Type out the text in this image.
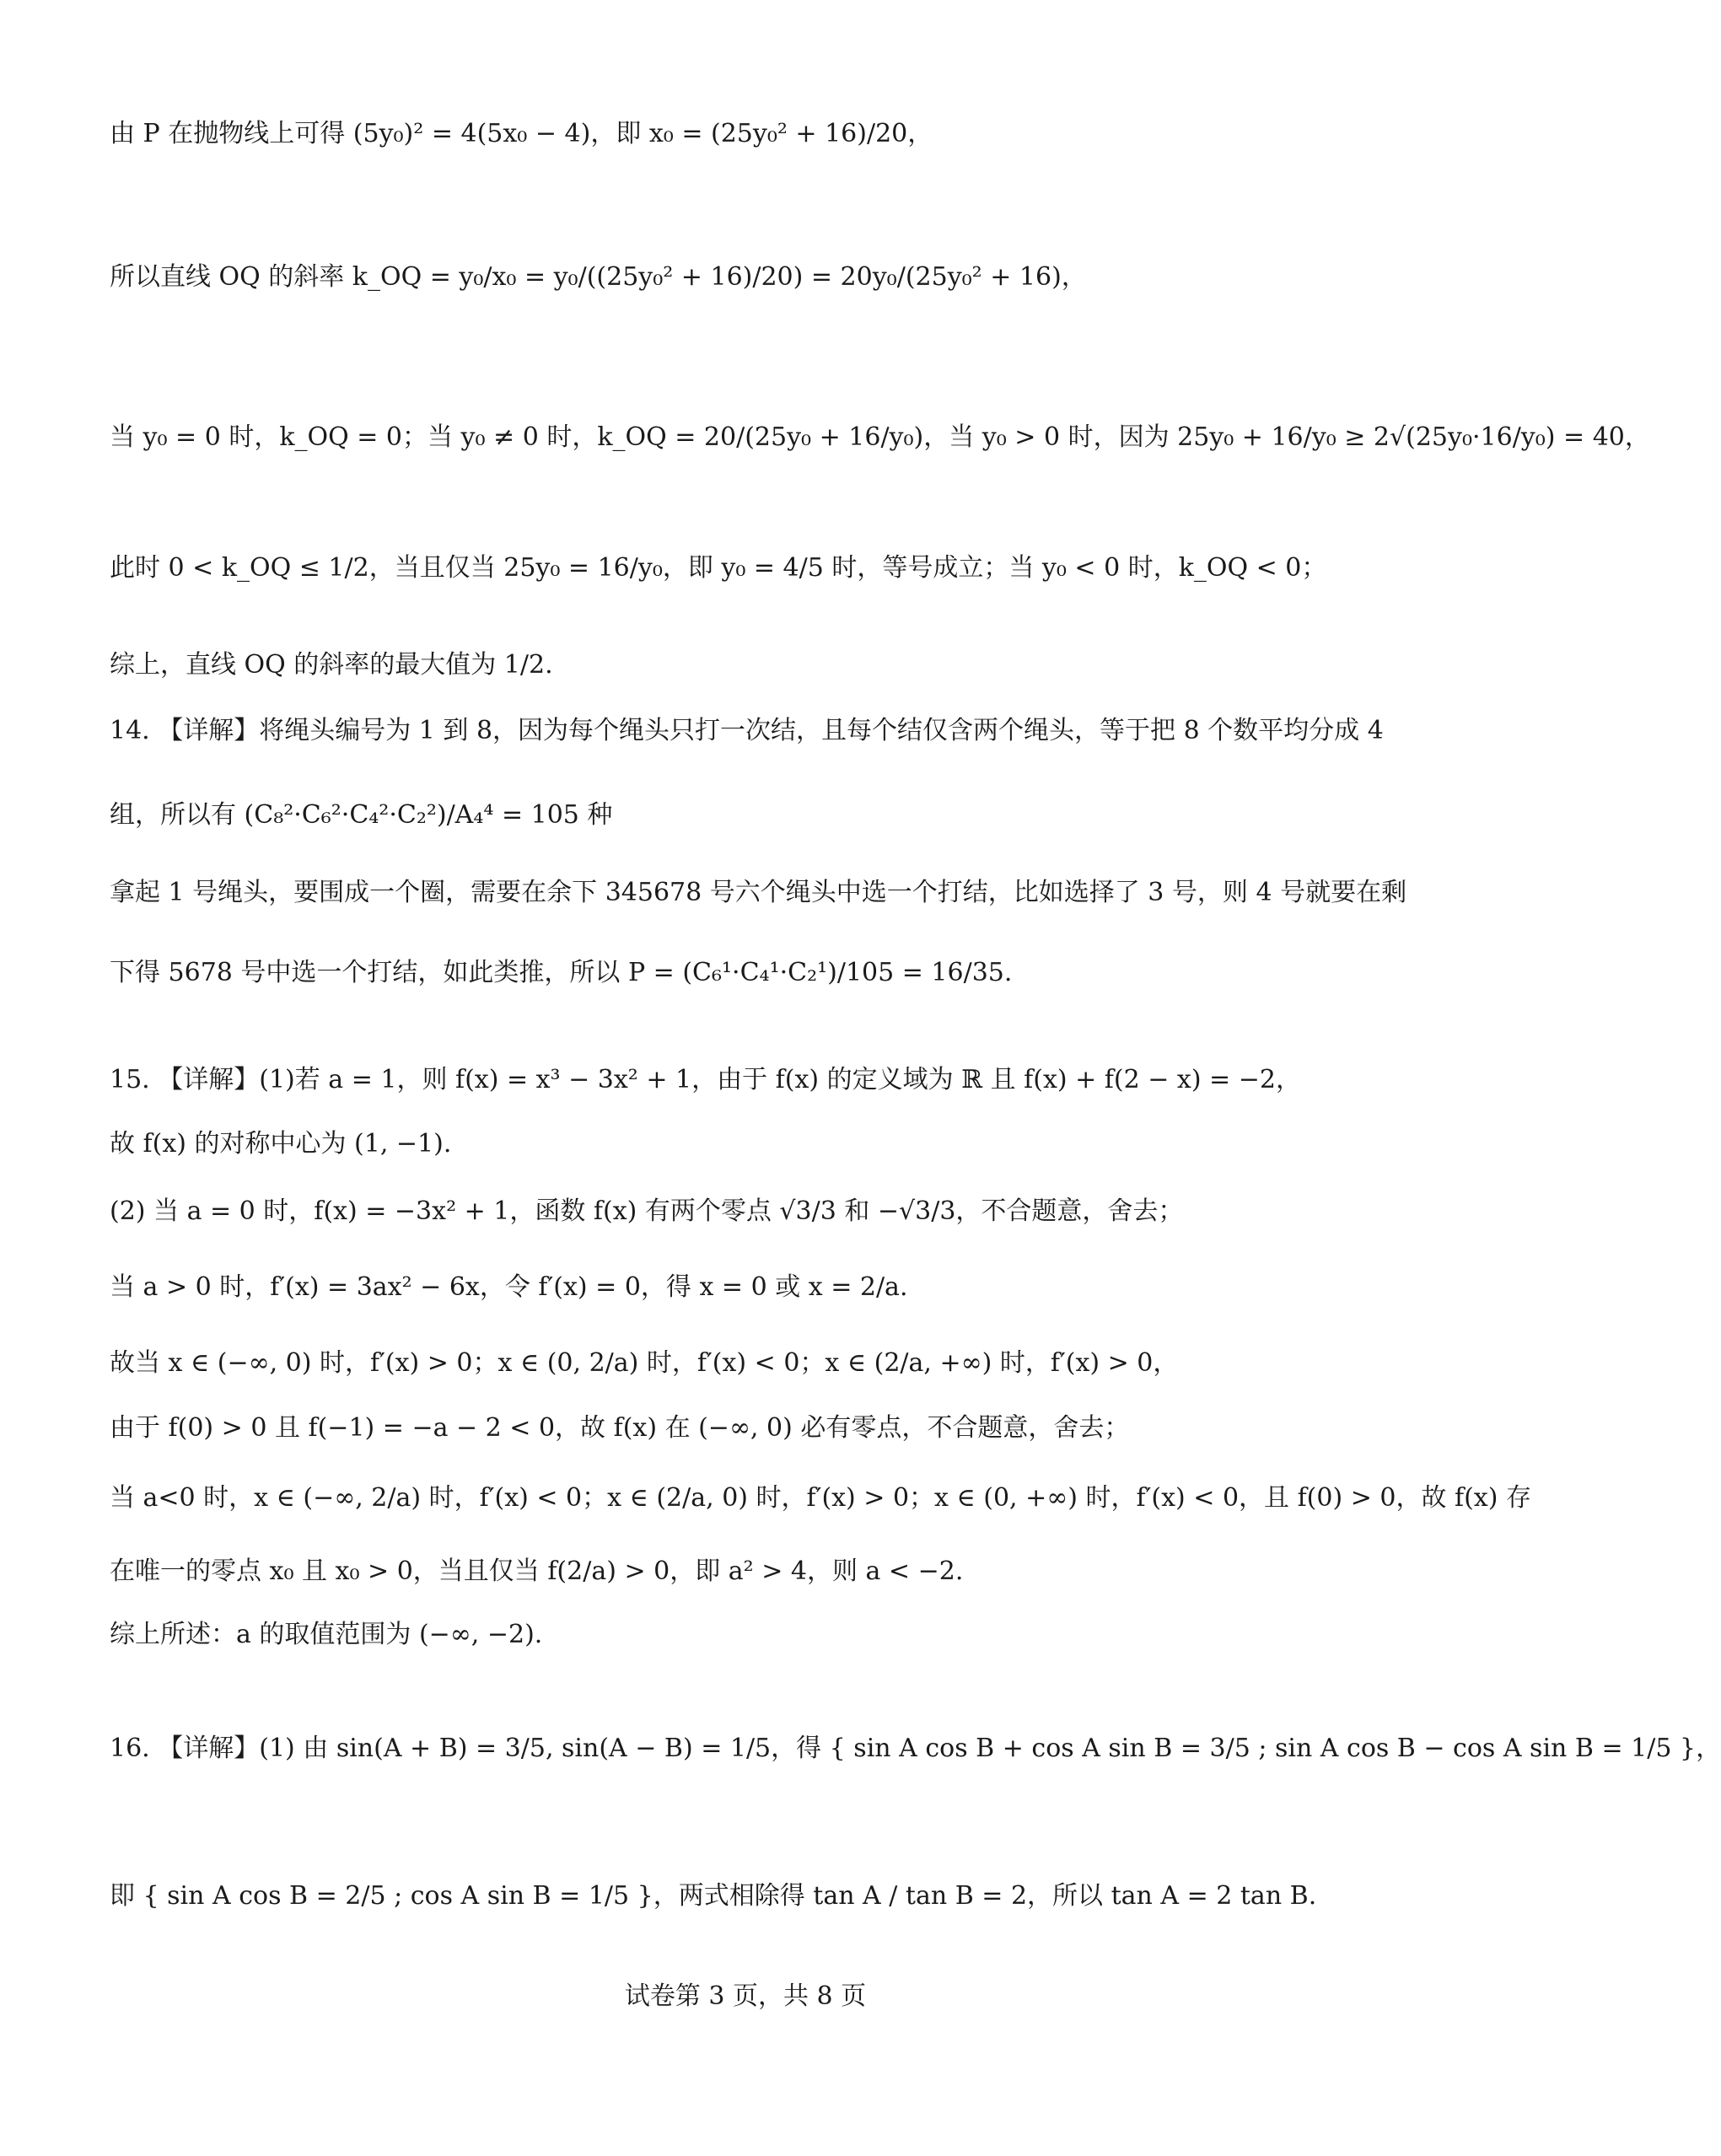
由 P 在抛物线上可得 (5y₀)² = 4(5x₀ − 4)，即 x₀ = (25y₀² + 16)/20，
所以直线 OQ 的斜率 k_OQ = y₀/x₀ = y₀/((25y₀² + 16)/20) = 20y₀/(25y₀² + 16)，
当 y₀ = 0 时，k_OQ = 0；当 y₀ ≠ 0 时，k_OQ = 20/(25y₀ + 16/y₀)，当 y₀ > 0 时，因为 25y₀ + 16/y₀ ≥ 2√(25y₀·16/y₀) = 40，
此时 0 < k_OQ ≤ 1/2，当且仅当 25y₀ = 16/y₀，即 y₀ = 4/5 时，等号成立；当 y₀ < 0 时，k_OQ < 0；
综上，直线 OQ 的斜率的最大值为 1/2.
14. 【详解】将绳头编号为 1 到 8，因为每个绳头只打一次结，且每个结仅含两个绳头，等于把 8 个数平均分成 4
组，所以有 (C₈²·C₆²·C₄²·C₂²)/A₄⁴ = 105 种
拿起 1 号绳头，要围成一个圈，需要在余下 345678 号六个绳头中选一个打结，比如选择了 3 号，则 4 号就要在剩
下得 5678 号中选一个打结，如此类推，所以 P = (C₆¹·C₄¹·C₂¹)/105 = 16/35.
15. 【详解】(1)若 a = 1，则 f(x) = x³ − 3x² + 1，由于 f(x) 的定义域为 ℝ 且 f(x) + f(2 − x) = −2，
故 f(x) 的对称中心为 (1, −1).
(2) 当 a = 0 时，f(x) = −3x² + 1，函数 f(x) 有两个零点 √3/3 和 −√3/3，不合题意，舍去；
当 a > 0 时，f′(x) = 3ax² − 6x，令 f′(x) = 0，得 x = 0 或 x = 2/a.
故当 x ∈ (−∞, 0) 时，f′(x) > 0；x ∈ (0, 2/a) 时，f′(x) < 0；x ∈ (2/a, +∞) 时，f′(x) > 0，
由于 f(0) > 0 且 f(−1) = −a − 2 < 0，故 f(x) 在 (−∞, 0) 必有零点，不合题意，舍去；
当 a<0 时，x ∈ (−∞, 2/a) 时，f′(x) < 0；x ∈ (2/a, 0) 时，f′(x) > 0；x ∈ (0, +∞) 时，f′(x) < 0，且 f(0) > 0，故 f(x) 存
在唯一的零点 x₀ 且 x₀ > 0，当且仅当 f(2/a) > 0，即 a² > 4，则 a < −2.
综上所述：a 的取值范围为 (−∞, −2).
16. 【详解】(1) 由 sin(A + B) = 3/5, sin(A − B) = 1/5，得 { sin A cos B + cos A sin B = 3/5 ; sin A cos B − cos A sin B = 1/5 }，
即 { sin A cos B = 2/5 ; cos A sin B = 1/5 }，两式相除得 tan A / tan B = 2，所以 tan A = 2 tan B.
试卷第 3 页，共 8 页
